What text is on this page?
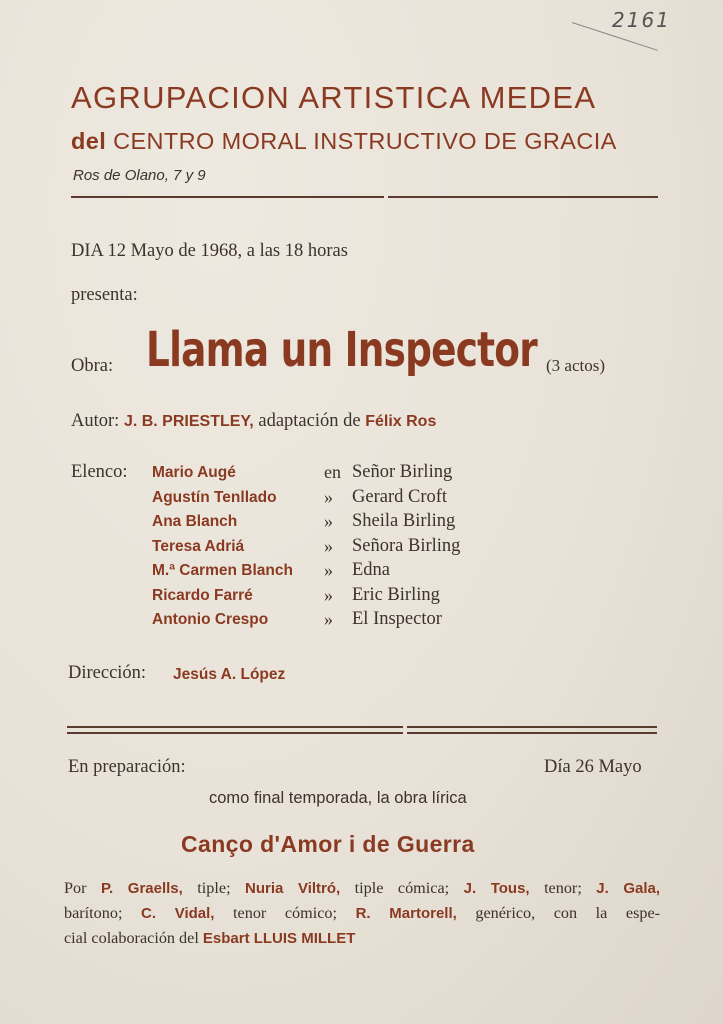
2161
AGRUPACION ARTISTICA MEDEA
del CENTRO MORAL INSTRUCTIVO DE GRACIA
Ros de Olano, 7 y 9
DIA 12 Mayo de 1968, a las 18 horas
presenta:
Obra: Llama un Inspector (3 actos)
Autor: J. B. PRIESTLEY, adaptación de Félix Ros
Elenco: Mario Augé	en Señor Birling
Agustín Tenllado	» Gerard Croft
Ana Blanch	» Sheila Birling
Teresa Adriá	» Señora Birling
M.ª Carmen Blanch » Edna
Ricardo Farré	» Eric Birling
Antonio Crespo	» El Inspector
Dirección: Jesús A. López
En preparación:	Día 26 Mayo
como final temporada, la obra lírica
Canço d'Amor i de Guerra
Por P. Graells, tiple; Nuria Viltró, tiple cómica; J. Tous, tenor; J. Gala,
barítono; C. Vidal, tenor cómico; R. Martorell, genérico, con la espe-
cial colaboración del Esbart LLUIS MILLET
